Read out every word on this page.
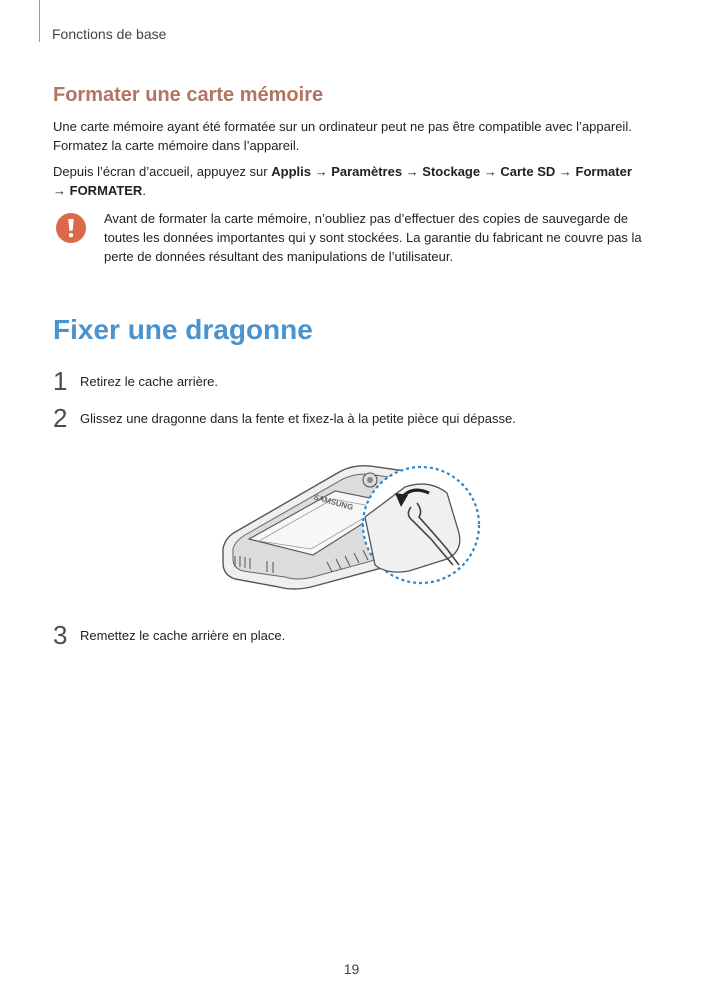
Fonctions de base
Formater une carte mémoire

Une carte mémoire ayant été formatée sur un ordinateur peut ne pas être compatible avec l’appareil. Formatez la carte mémoire dans l’appareil.

Depuis l’écran d’accueil, appuyez sur Applis → Paramètres → Stockage → Carte SD → Formater
→ FORMATER.

Avant de formater la carte mémoire, n’oubliez pas d’effectuer des copies de sauvegarde de toutes les données importantes qui y sont stockées. La garantie du fabricant ne couvre pas la perte de données résultant des manipulations de l’utilisateur.

Fixer une dragonne
1 Retirez le cache arrière.
2 Glissez une dragonne dans la fente et fixez-la à la petite pièce qui dépasse.
SAMSUNG
3 Remettez le cache arrière en place.
19
